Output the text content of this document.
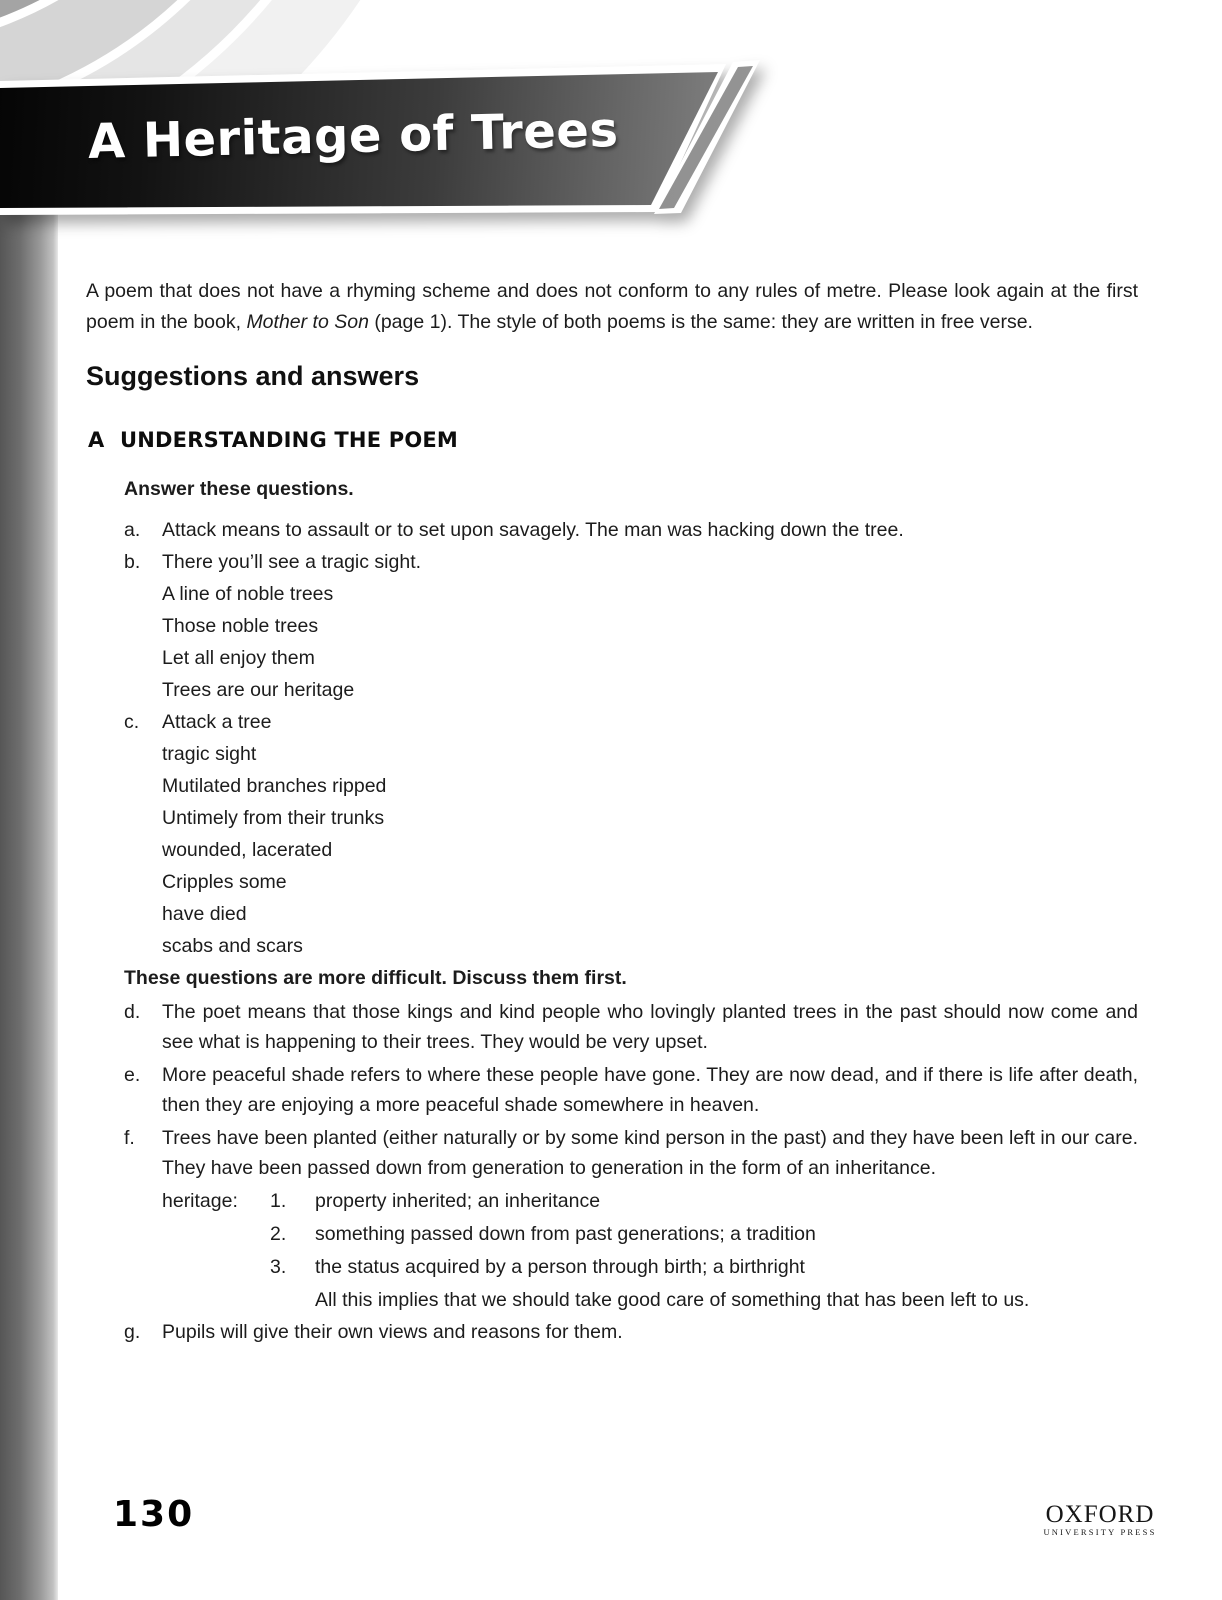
A Heritage of Trees

A poem that does not have a rhyming scheme and does not conform to any rules of metre. Please look again at the first poem in the book, Mother to Son (page 1). The style of both poems is the same: they are written in free verse.

Suggestions and answers
A UNDERSTANDING THE POEM
Answer these questions.
a.	Attack means to assault or to set upon savagely. The man was hacking down the tree.
b.	There you’ll see a tragic sight.
A line of noble trees
Those noble trees
Let all enjoy them
Trees are our heritage
c.	Attack a tree
tragic sight
Mutilated branches ripped
Untimely from their trunks
wounded, lacerated
Cripples some
have died
scabs and scars
These questions are more difficult. Discuss them first.
d.	The poet means that those kings and kind people who lovingly planted trees in the past should now come and see what is happening to their trees. They would be very upset.
e.	More peaceful shade refers to where these people have gone. They are now dead, and if there is life after death, then they are enjoying a more peaceful shade somewhere in heaven.
f.	Trees have been planted (either naturally or by some kind person in the past) and they have been left in our care. They have been passed down from generation to generation in the form of an inheritance.
heritage:	1.	property inherited; an inheritance
2.	something passed down from past generations; a tradition
3.	the status acquired by a person through birth; a birthright
All this implies that we should take good care of something that has been left to us.
g.	Pupils will give their own views and reasons for them.
130	OXFORD
UNIVERSITY PRESS
